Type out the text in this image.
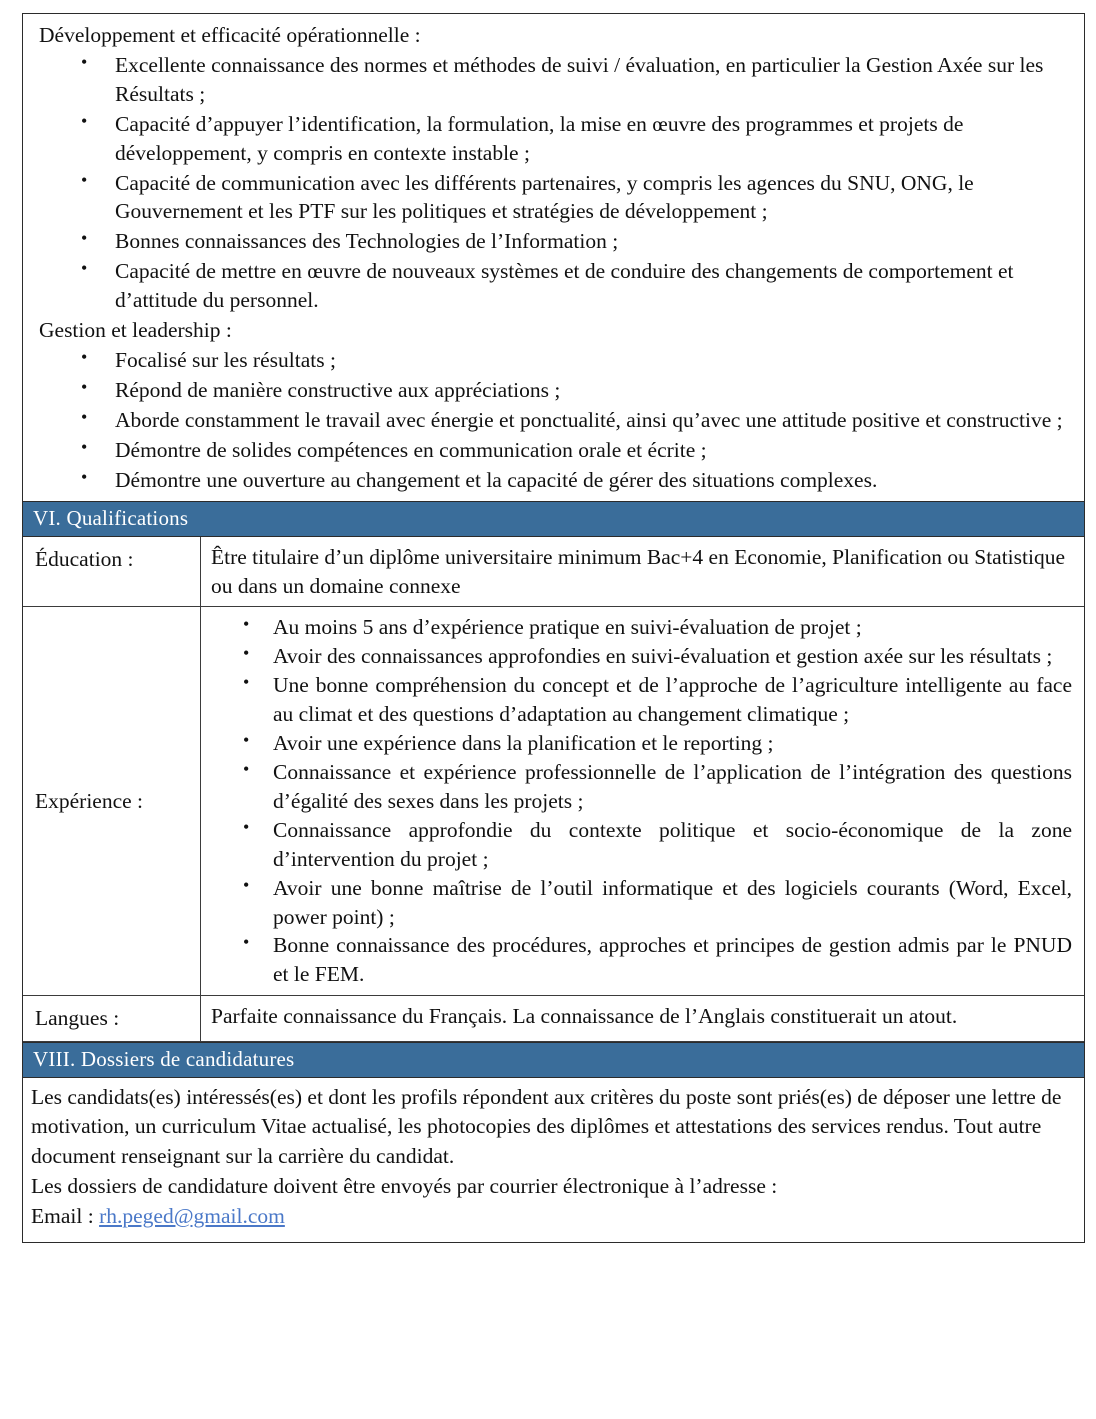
Développement et efficacité opérationnelle :
• Excellente connaissance des normes et méthodes de suivi / évaluation, en particulier la Gestion Axée sur les Résultats ;
• Capacité d’appuyer l’identification, la formulation, la mise en œuvre des programmes et projets de développement, y compris en contexte instable ;
• Capacité de communication avec les différents partenaires, y compris les agences du SNU, ONG, le Gouvernement et les PTF sur les politiques et stratégies de développement ;
• Bonnes connaissances des Technologies de l’Information ;
• Capacité de mettre en œuvre de nouveaux systèmes et de conduire des changements de comportement et d’attitude du personnel.
Gestion et leadership :
• Focalisé sur les résultats ;
• Répond de manière constructive aux appréciations ;
• Aborde constamment le travail avec énergie et ponctualité, ainsi qu’avec une attitude positive et constructive ;
• Démontre de solides compétences en communication orale et écrite ;
• Démontre une ouverture au changement et la capacité de gérer des situations complexes.
VI. Qualifications
Éducation :	Être titulaire d’un diplôme universitaire minimum Bac+4 en Economie, Planification ou Statistique ou dans un domaine connexe

Expérience :
• Au moins 5 ans d’expérience pratique en suivi-évaluation de projet ;
• Avoir des connaissances approfondies en suivi-évaluation et gestion axée sur les résultats ;
• Une bonne compréhension du concept et de l’approche de l’agriculture intelligente au face au climat et des questions d’adaptation au changement climatique ;
• Avoir une expérience dans la planification et le reporting ;
• Connaissance et expérience professionnelle de l’application de l’intégration des questions d’égalité des sexes dans les projets ;
• Connaissance approfondie du contexte politique et socio-économique de la zone d’intervention du projet ;
• Avoir une bonne maîtrise de l’outil informatique et des logiciels courants (Word, Excel, power point) ;
• Bonne connaissance des procédures, approches et principes de gestion admis par le PNUD et le FEM.
Langues :	Parfaite connaissance du Français. La connaissance de l’Anglais constituerait un atout.

VIII. Dossiers de candidatures

Les candidats(es) intéressés(es) et dont les profils répondent aux critères du poste sont priés(es) de déposer une lettre de motivation, un curriculum Vitae actualisé, les photocopies des diplômes et attestations des services rendus. Tout autre document renseignant sur la carrière du candidat.

Les dossiers de candidature doivent être envoyés par courrier électronique à l’adresse :

Email : rh.peged@gmail.com
